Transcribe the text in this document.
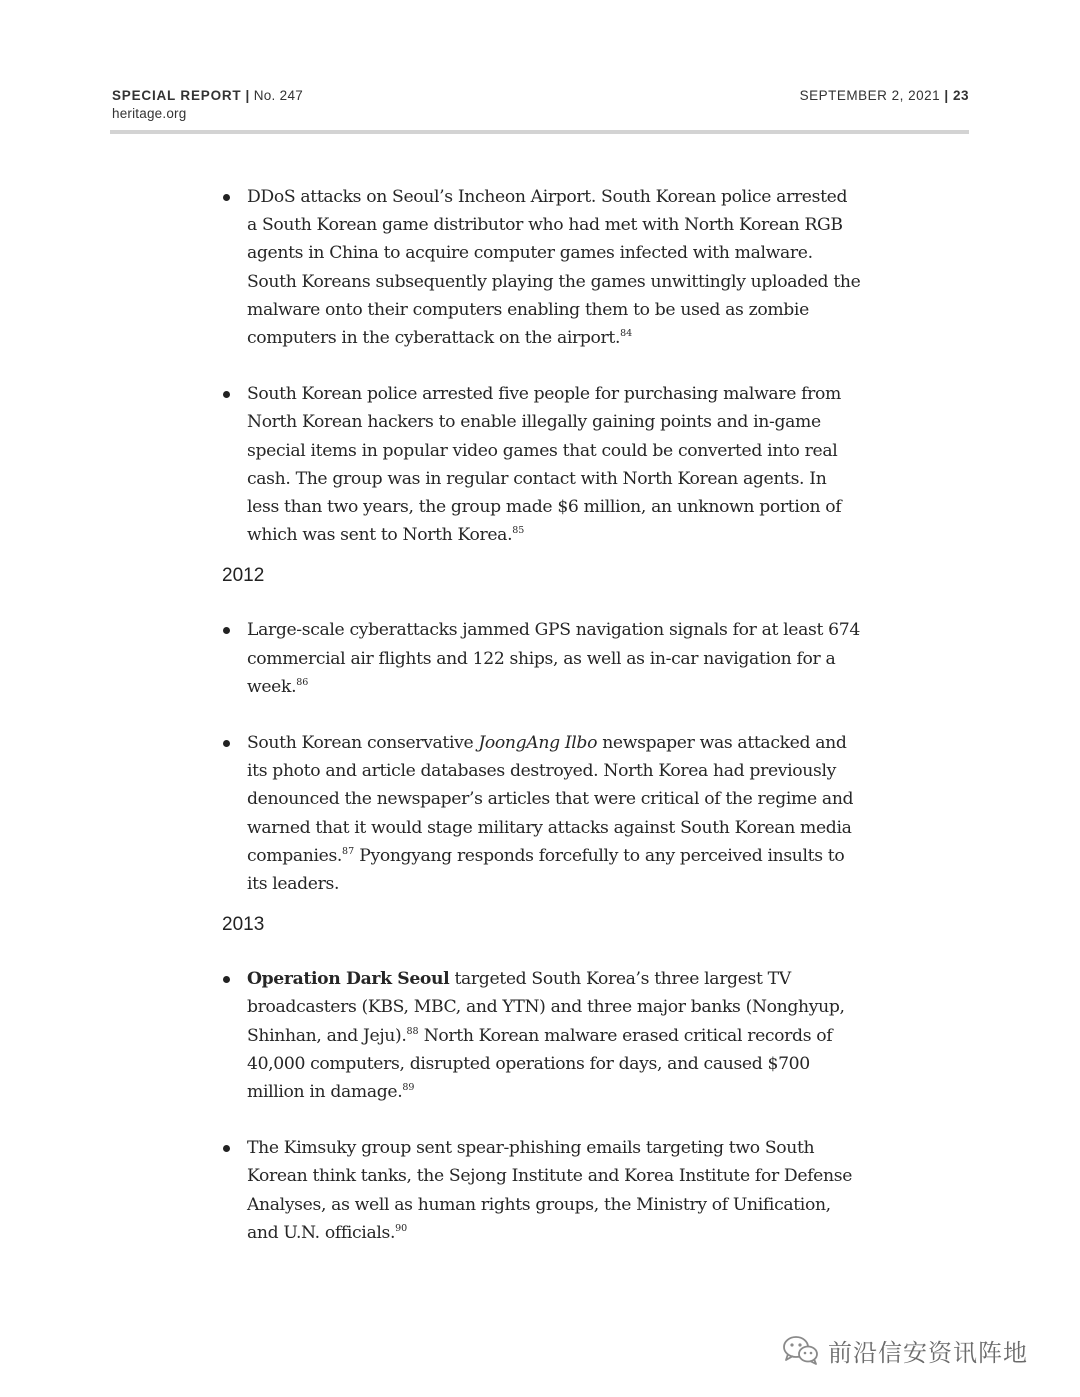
SPECIAL REPORT | No. 247
heritage.org
SEPTEMBER 2, 2021 | 23

DDoS attacks on Seoul’s Incheon Airport. South Korean police arrested a South Korean game distributor who had met with North Korean RGB agents in China to acquire computer games infected with malware. South Koreans subsequently playing the games unwittingly uploaded the malware onto their computers enabling them to be used as zombie computers in the cyberattack on the airport.$^{84}$

South Korean police arrested five people for purchasing malware from North Korean hackers to enable illegally gaining points and in-game special items in popular video games that could be converted into real cash. The group was in regular contact with North Korean agents. In less than two years, the group made $6 million, an unknown portion of which was sent to North Korea.$^{85}$

2012

Large-scale cyberattacks jammed GPS navigation signals for at least 674 commercial air flights and 122 ships, as well as in-car navigation for a week.$^{86}$

South Korean conservative JoongAng Ilbo newspaper was attacked and its photo and article databases destroyed. North Korea had previously denounced the newspaper’s articles that were critical of the regime and warned that it would stage military attacks against South Korean media companies.$^{87}$ Pyongyang responds forcefully to any perceived insults to its leaders.

2013

Operation Dark Seoul targeted South Korea’s three largest TV broadcasters (KBS, MBC, and YTN) and three major banks (Nonghyup, Shinhan, and Jeju).$^{88}$ North Korean malware erased critical records of 40,000 computers, disrupted operations for days, and caused $700 million in damage.$^{89}$

The Kimsuky group sent spear-phishing emails targeting two South Korean think tanks, the Sejong Institute and Korea Institute for Defense Analyses, as well as human rights groups, the Ministry of Unification, and U.N. officials.$^{90}$

前沿信安资讯阵地
